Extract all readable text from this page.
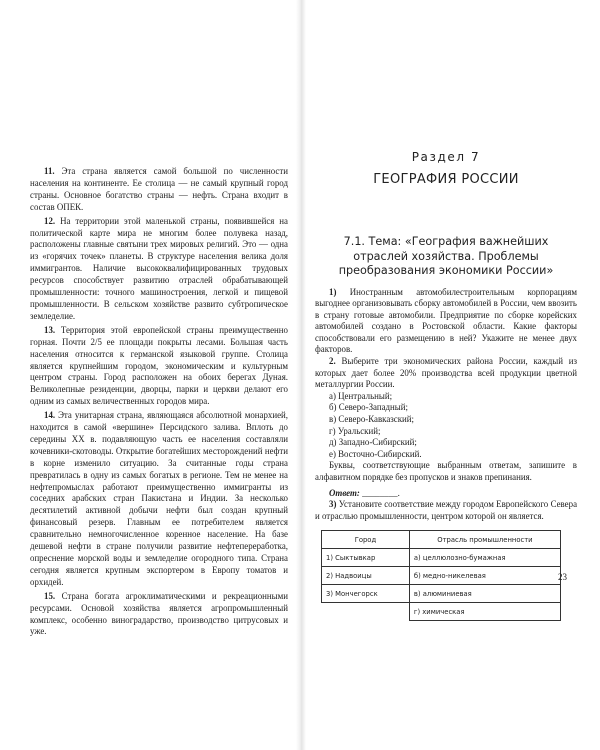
11. Эта страна является самой большой по численности населения на континенте. Ее столица — не самый крупный город страны. Основное богатство страны — нефть. Страна входит в состав ОПЕК.

12. На территории этой маленькой страны, появившейся на политической карте мира не многим более полувека назад, расположены главные святыни трех мировых религий. Это — одна из «горячих точек» планеты. В структуре населения велика доля иммигрантов. Наличие высококвалифицированных трудовых ресурсов способствует развитию отраслей обрабатывающей промышленности: точного машиностроения, легкой и пищевой промышленности. В сельском хозяйстве развито субтропическое земледелие.

13. Территория этой европейской страны преимущественно горная. Почти 2/5 ее площади покрыты лесами. Большая часть населения относится к германской языковой группе. Столица является крупнейшим городом, экономическим и культурным центром страны. Город расположен на обоих берегах Дуная. Великолепные резиденции, дворцы, парки и церкви делают его одним из самых величественных городов мира.

14. Эта унитарная страна, являющаяся абсолютной монархией, находится в самой «вершине» Персидского залива. Вплоть до середины XX в. подавляющую часть ее населения составляли кочевники-скотоводы. Открытие богатейших месторождений нефти в корне изменило ситуацию. За считанные годы страна превратилась в одну из самых богатых в регионе. Тем не менее на нефтепромыслах работают преимущественно иммигранты из соседних арабских стран Пакистана и Индии. За несколько десятилетий активной добычи нефти был создан крупный финансовый резерв. Главным ее потребителем является сравнительно немногочисленное коренное население. На базе дешевой нефти в стране получили развитие нефтепереработка, опреснение морской воды и земледелие огородного типа. Страна сегодня является крупным экспортером в Европу томатов и орхидей.

15. Страна богата агроклиматическими и рекреационными ресурсами. Основой хозяйства является агропромышленный комплекс, особенно виноградарство, производство цитрусовых и уже.

Раздел 7

ГЕОГРАФИЯ РОССИИ

7.1. Тема: «География важнейших отраслей хозяйства. Проблемы преобразования экономики России»

1) Иностранным автомобилестроительным корпорациям выгоднее организовывать сборку автомобилей в России, чем ввозить в страну готовые автомобили. Предприятие по сборке корейских автомобилей создано в Ростовской области. Какие факторы способствовали его размещению в ней? Укажите не менее двух факторов.

2. Выберите три экономических района России, каждый из которых дает более 20% производства всей продукции цветной металлургии России.

а) Центральный;
б) Северо-Западный;
в) Северо-Кавказский;
г) Уральский;
д) Западно-Сибирский;
е) Восточно-Сибирский.

Буквы, соответствующие выбранным ответам, запишите в алфавитном порядке без пропусков и знаков препинания.

Ответ: ________.

3) Установите соответствие между городом Европейского Севера и отраслью промышленности, центром которой он является.

Город	Отрасль промышленности
1) Сыктывкар	а) целлюлозно-бумажная
2) Надвоицы	б) медно-никелевая
3) Мончегорск	в) алюминиевая
	г) химическая
23
